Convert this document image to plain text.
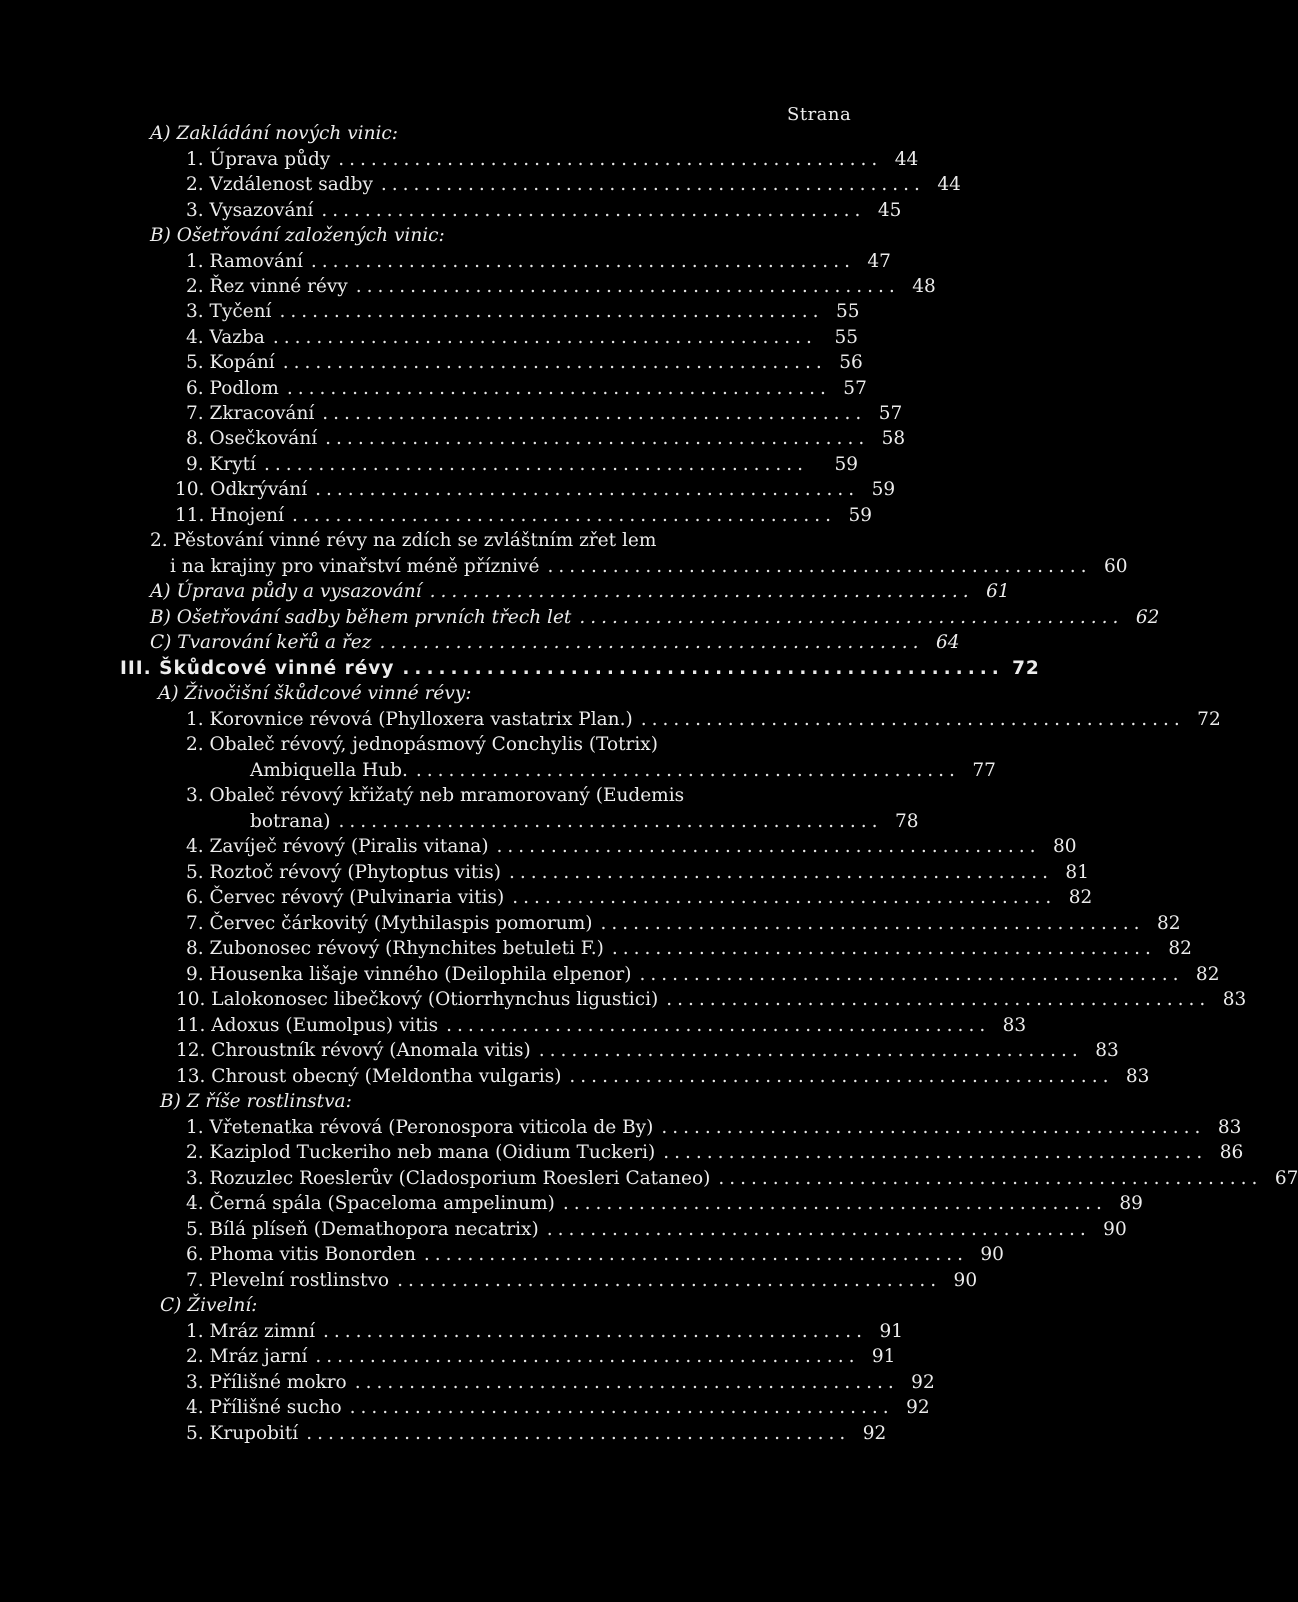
Strana
A) Zakládání nových vinic:
1. Úprava půdy .................................................. 44
2. Vzdálenost sadby .................................................. 44
3. Vysazování .................................................. 45
B) Ošetřování založených vinic:
1. Ramování .................................................. 47
2. Řez vinné révy .................................................. 48
3. Tyčení .................................................. 55
4. Vazba .................................................. 55
5. Kopání .................................................. 56
6. Podlom .................................................. 57
7. Zkracování .................................................. 57
8. Osečkování .................................................. 58
9. Krytí ..................................................	59
10. Odkrývání .................................................. 59
11. Hnojení .................................................. 59
2. Pěstování vinné révy na zdích se zvláštním zřet lem
i na krajiny pro vinařství méně příznivé .................................................. 60
A) Úprava půdy a vysazování .................................................. 61
B) Ošetřování sadby během prvních třech let .................................................. 62
C) Tvarování keřů a řez .................................................. 64
III. Škůdcové vinné révy .................................................. 72
A) Živočišní škůdcové vinné révy:
1. Korovnice révová (Phylloxera vastatrix Plan.) .................................................. 72
2. Obaleč révový, jednopásmový Conchylis (Totrix)
Ambiquella Hub. .................................................. 77
3. Obaleč révový křižatý neb mramorovaný (Eudemis
botrana) .................................................. 78
4. Zavíječ révový (Piralis vitana) .................................................. 80
5. Roztoč révový (Phytoptus vitis) .................................................. 81
6. Červec révový (Pulvinaria vitis) .................................................. 82
7. Červec čárkovitý (Mythilaspis pomorum) .................................................. 82
8. Zubonosec révový (Rhynchites betuleti F.) .................................................. 82
9. Housenka lišaje vinného (Deilophila elpenor) .................................................. 82
10. Lalokonosec libečkový (Otiorrhynchus ligustici) .................................................. 83
11. Adoxus (Eumolpus) vitis .................................................. 83
12. Chroustník révový (Anomala vitis) .................................................. 83
13. Chroust obecný (Meldontha vulgaris) .................................................. 83
B) Z říše rostlinstva:
1. Vřetenatka révová (Peronospora viticola de By) .................................................. 83
2. Kaziplod Tuckeriho neb mana (Oidium Tuckeri) .................................................. 86
3. Rozuzlec Roeslerův (Cladosporium Roesleri Cataneo) .................................................. 67
4. Černá spála (Spaceloma ampelinum) .................................................. 89
5. Bílá plíseň (Demathopora necatrix) .................................................. 90
6. Phoma vitis Bonorden .................................................. 90
7. Plevelní rostlinstvo .................................................. 90
C) Živelní:
1. Mráz zimní .................................................. 91
2. Mráz jarní .................................................. 91
3. Přílišné mokro .................................................. 92
4. Přílišné sucho .................................................. 92
5. Krupobití .................................................. 92
